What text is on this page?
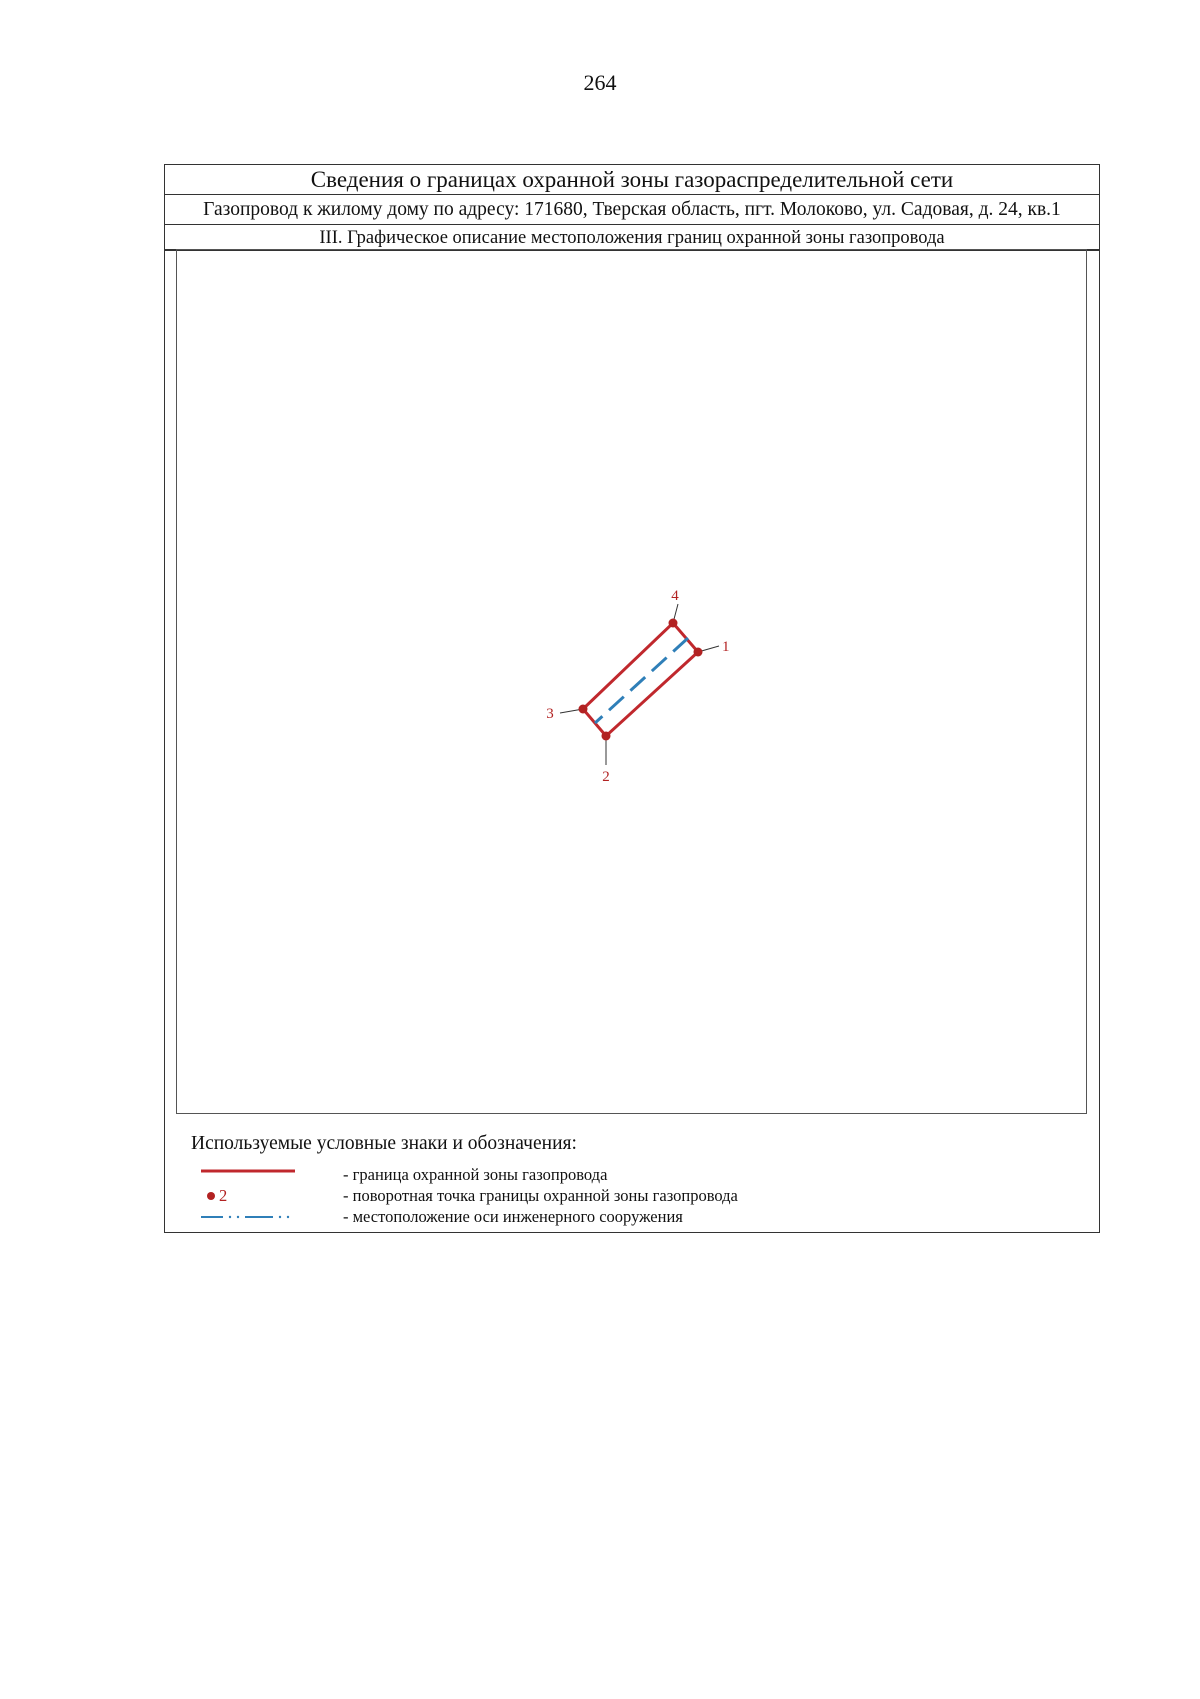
264
Сведения о границах охранной зоны газораспределительной сети
Газопровод к жилому дому по адресу: 171680, Тверская область, пгт. Молоково, ул. Садовая, д. 24, кв.1
III. Графическое описание местоположения границ охранной зоны газопровода
4
1
2
3
Используемые условные знаки и обозначения:
- граница охранной зоны газопровода
2	- поворотная точка границы охранной зоны газопровода
- местоположение оси инженерного сооружения
